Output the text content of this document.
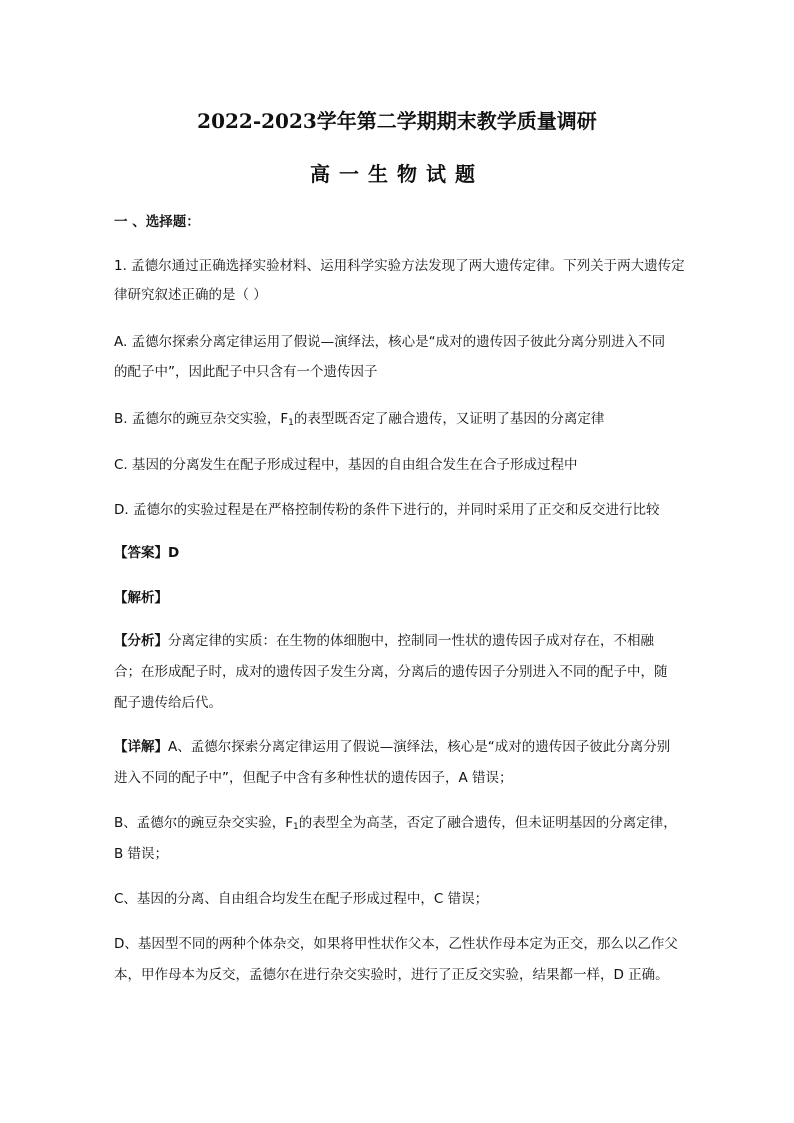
2022-2023学年第二学期期末教学质量调研
高一生物试题
一 、选择题：
1. 孟德尔通过正确选择实验材料、运用科学实验方法发现了两大遗传定律。下列关于两大遗传定
律研究叙述正确的是（ ）
A. 孟德尔探索分离定律运用了假说—演绎法，核心是“成对的遗传因子彼此分离分别进入不同
的配子中”，因此配子中只含有一个遗传因子
B. 孟德尔的豌豆杂交实验，$F_1$的表型既否定了融合遗传，又证明了基因的分离定律
C. 基因的分离发生在配子形成过程中，基因的自由组合发生在合子形成过程中
D. 孟德尔的实验过程是在严格控制传粉的条件下进行的，并同时采用了正交和反交进行比较
【答案】D
【解析】
【分析】分离定律的实质：在生物的体细胞中，控制同一性状的遗传因子成对存在，不相融
合；在形成配子时，成对的遗传因子发生分离，分离后的遗传因子分别进入不同的配子中，随
配子遗传给后代。
【详解】A、孟德尔探索分离定律运用了假说—演绎法，核心是“成对的遗传因子彼此分离分别
进入不同的配子中”，但配子中含有多种性状的遗传因子，A 错误；
B、孟德尔的豌豆杂交实验，$F_1$的表型全为高茎，否定了融合遗传，但未证明基因的分离定律，
B 错误；
C、基因的分离、自由组合均发生在配子形成过程中，C 错误；
D、基因型不同的两种个体杂交，如果将甲性状作父本，乙性状作母本定为正交，那么以乙作父
本，甲作母本为反交，孟德尔在进行杂交实验时，进行了正反交实验，结果都一样，D 正确。
